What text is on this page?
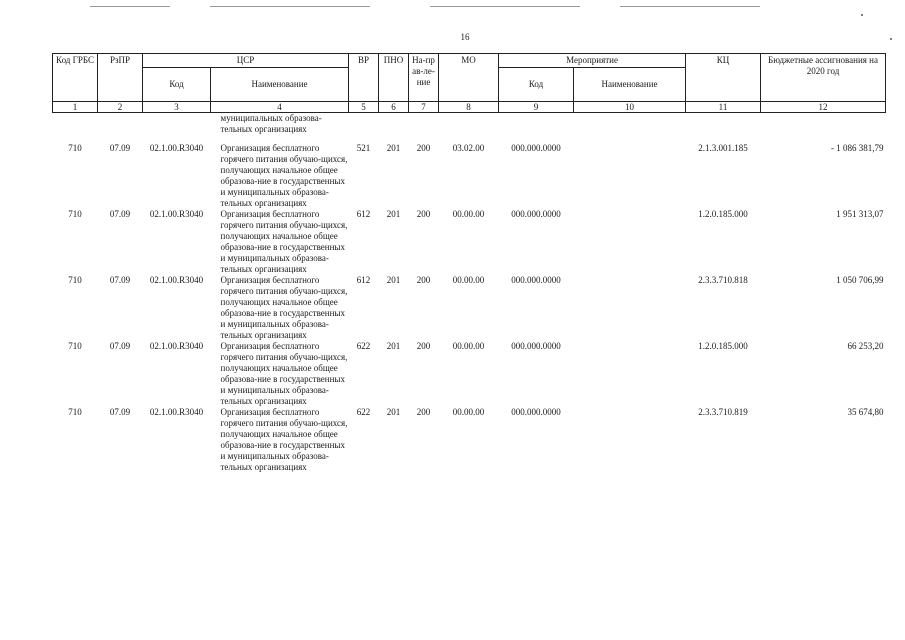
16
Код ГРБС	РзПР	ЦСР		ВР	ПНО	На-прав-ле-ние	МО	Мероприятие		КЦ	Бюджетные ассигнования на 2020 год
		Код	Наименование					Код	Наименование		
1	2	3	4	5	6	7	8	9	10	11	12
			муниципальных образова-
тельных организациях								
710	07.09	02.1.00.R3040	Организация бесплатного горячего питания обучаю-щихся, получающих начальное общее образова-ние в государственных и муниципальных образова-тельных организациях	521	201	200	03.02.00	000.000.0000		2.1.3.001.185	- 1 086 381,79
710	07.09	02.1.00.R3040	Организация бесплатного горячего питания обучаю-щихся, получающих начальное общее образова-ние в государственных и муниципальных образова-тельных организациях	612	201	200	00.00.00	000.000.0000		1.2.0.185.000	1 951 313,07
710	07.09	02.1.00.R3040	Организация бесплатного горячего питания обучаю-щихся, получающих начальное общее образова-ние в государственных и муниципальных образова-тельных организациях	612	201	200	00.00.00	000.000.0000		2.3.3.710.818	1 050 706,99
710	07.09	02.1.00.R3040	Организация бесплатного горячего питания обучаю-щихся, получающих начальное общее образова-ние в государственных и муниципальных образова-тельных организациях	622	201	200	00.00.00	000.000.0000		1.2.0.185.000	66 253,20
710	07.09	02.1.00.R3040	Организация бесплатного горячего питания обучаю-щихся, получающих начальное общее образова-ние в государственных и муниципальных образова-тельных организациях	622	201	200	00.00.00	000.000.0000		2.3.3.710.819	35 674,80
